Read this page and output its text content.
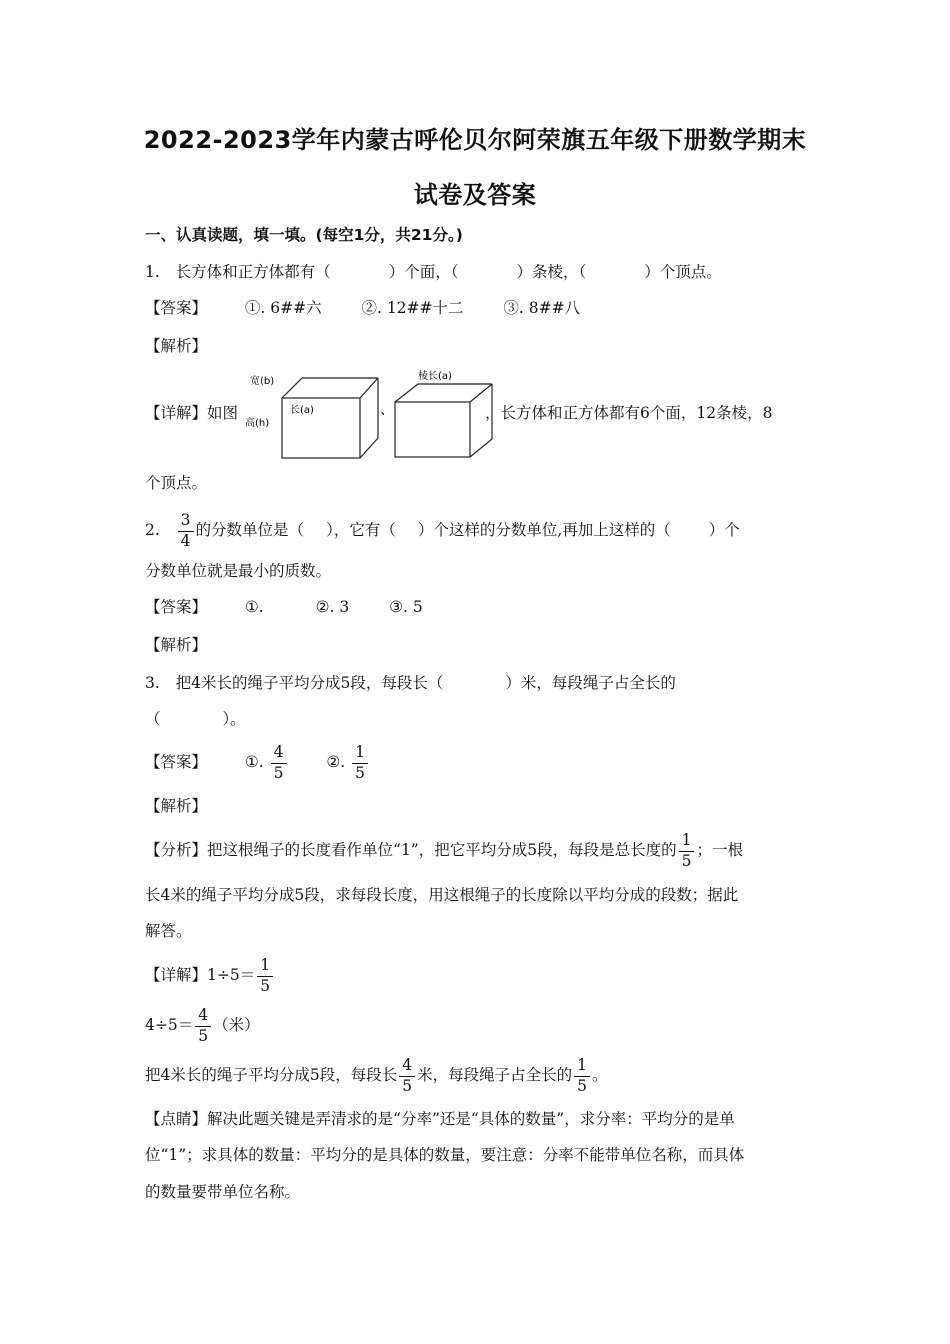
2022-2023学年内蒙古呼伦贝尔阿荣旗五年级下册数学期末
试卷及答案
一、认真读题，填一填。(每空1分，共21分。)
1. 长方体和正方体都有（	）个面，（	）条棱，（	）个顶点。
【答案】 ①. 6##六	②. 12##十二	③. 8##八
【解析】
【详解】如图
宽(b)
高(h)
长(a)	、
棱长(a)
，长方体和正方体都有6个面，12条棱，8
个顶点。
2. $\frac{3}{4}$ 的分数单位是（ ），它有（ ）个这样的分数单位,再加上这样的（ ）个
分数单位就是最小的质数。
【答案】 ①.	②. 3	③. 5
【解析】
3. 把4米长的绳子平均分成5段，每段长（	）米，每段绳子占全长的
（	）。
【答案】 ①. $\frac{4}{5}$	②. $\frac{1}{5}$
【解析】
【分析】把这根绳子的长度看作单位“1”，把它平均分成5段，每段是总长度的 $\frac{1}{5}$ ；一根
长4米的绳子平均分成5段，求每段长度，用这根绳子的长度除以平均分成的段数；据此
解答。
【详解】$1\div 5= \frac{1}{5}$
$4\div 5= \frac{4}{5}$ （米）
把4米长的绳子平均分成5段，每段长 $\frac{4}{5}$ 米，每段绳子占全长的 $\frac{1}{5}$ 。
【点睛】解决此题关键是弄清求的是“分率”还是“具体的数量”，求分率：平均分的是单
位“1”；求具体的数量：平均分的是具体的数量，要注意：分率不能带单位名称，而具体
的数量要带单位名称。
